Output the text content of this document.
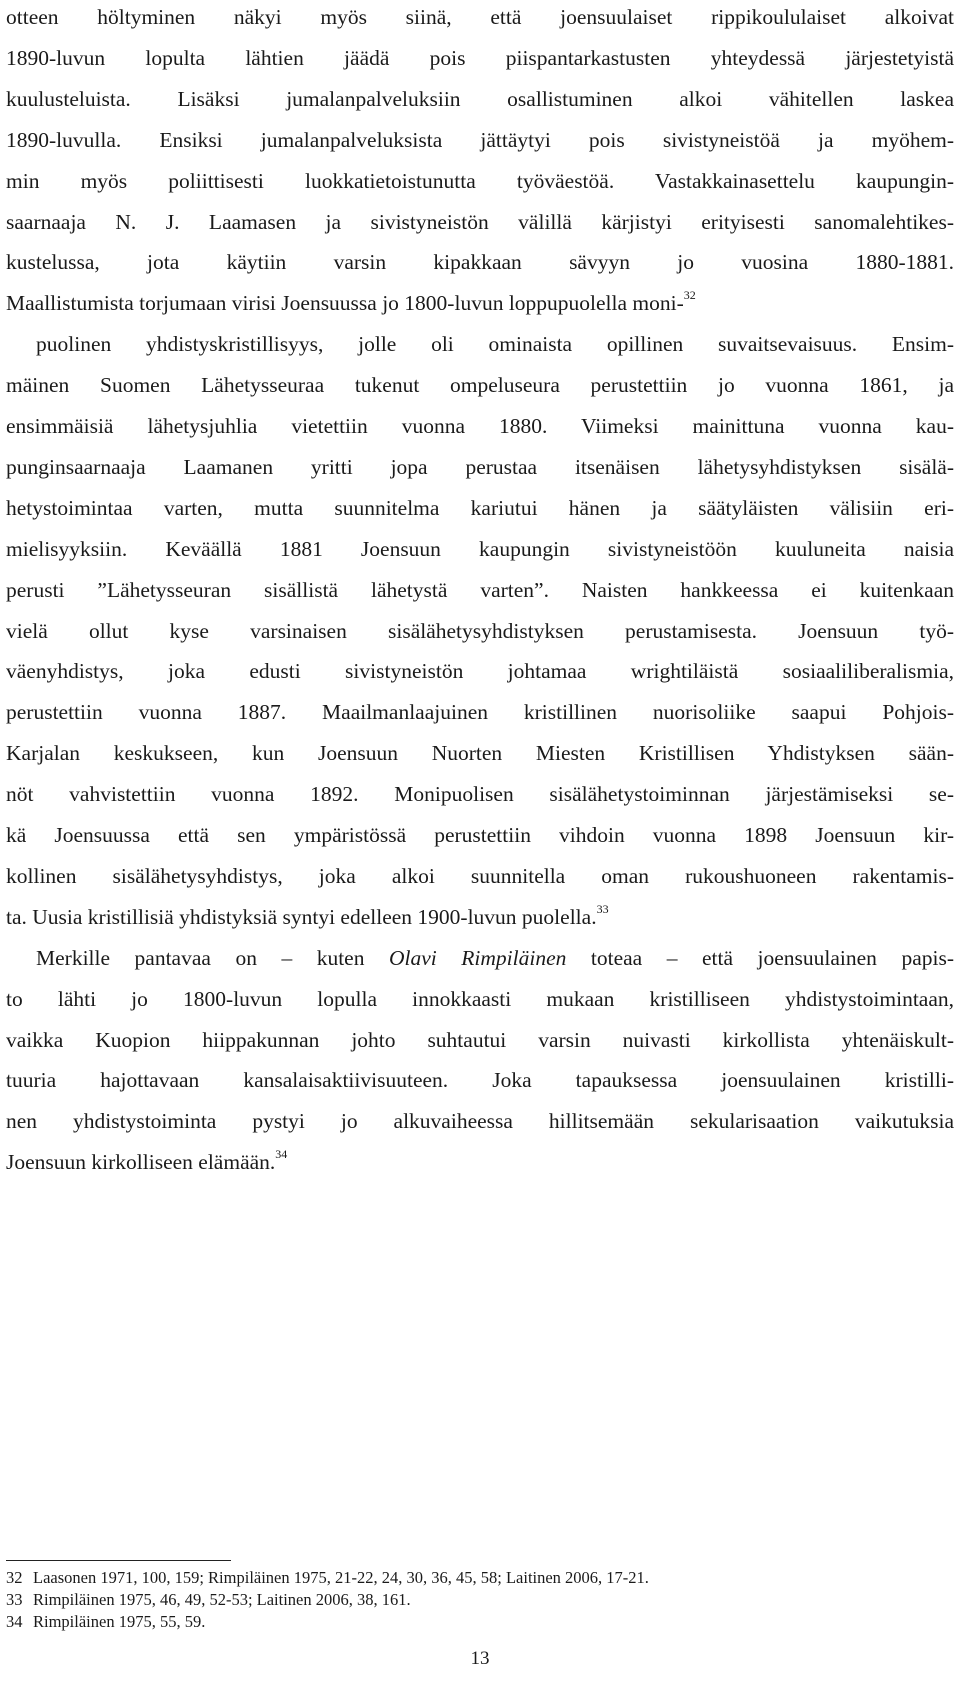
otteen höltyminen näkyi myös siinä, että joensuulaiset rippikoululaiset alkoivat
1890-luvun lopulta lähtien jäädä pois piispantarkastusten yhteydessä järjestetyistä
kuulusteluista. Lisäksi jumalanpalveluksiin osallistuminen alkoi vähitellen laskea
1890-luvulla. Ensiksi jumalanpalveluksista jättäytyi pois sivistyneistöä ja myöhem-
min myös poliittisesti luokkatietoistunutta työväestöä. Vastakkainasettelu kaupungin-
saarnaaja N. J. Laamasen ja sivistyneistön välillä kärjistyi erityisesti sanomalehtikes-
kustelussa, jota käytiin varsin kipakkaan sävyyn jo vuosina 1880-1881.
Maallistumista torjumaan virisi Joensuussa jo 1800-luvun loppupuolella moni-$^{32}$
puolinen yhdistyskristillisyys, jolle oli ominaista opillinen suvaitsevaisuus. Ensim-
mäinen Suomen Lähetysseuraa tukenut ompeluseura perustettiin jo vuonna 1861, ja
ensimmäisiä lähetysjuhlia vietettiin vuonna 1880. Viimeksi mainittuna vuonna kau-
punginsaarnaaja Laamanen yritti jopa perustaa itsenäisen lähetysyhdistyksen sisälä-
hetystoimintaa varten, mutta suunnitelma kariutui hänen ja säätyläisten välisiin eri-
mielisyyksiin. Keväällä 1881 Joensuun kaupungin sivistyneistöön kuuluneita naisia
perusti ”Lähetysseuran sisällistä lähetystä varten”. Naisten hankkeessa ei kuitenkaan
vielä ollut kyse varsinaisen sisälähetysyhdistyksen perustamisesta. Joensuun työ-
väenyhdistys, joka edusti sivistyneistön johtamaa wrightiläistä sosiaaliliberalismia,
perustettiin vuonna 1887. Maailmanlaajuinen kristillinen nuorisoliike saapui Pohjois-
Karjalan keskukseen, kun Joensuun Nuorten Miesten Kristillisen Yhdistyksen sään-
nöt vahvistettiin vuonna 1892. Monipuolisen sisälähetystoiminnan järjestämiseksi se-
kä Joensuussa että sen ympäristössä perustettiin vihdoin vuonna 1898 Joensuun kir-
kollinen sisälähetysyhdistys, joka alkoi suunnitella oman rukoushuoneen rakentamis-
ta. Uusia kristillisiä yhdistyksiä syntyi edelleen 1900-luvun puolella.$^{33}$
Merkille pantavaa on – kuten Olavi Rimpiläinen toteaa – että joensuulainen papis-
to lähti jo 1800-luvun lopulla innokkaasti mukaan kristilliseen yhdistystoimintaan,
vaikka Kuopion hiippakunnan johto suhtautui varsin nuivasti kirkollista yhtenäiskult-
tuuria hajottavaan kansalaisaktiivisuuteen. Joka tapauksessa joensuulainen kristilli-
nen yhdistystoiminta pystyi jo alkuvaiheessa hillitsemään sekularisaation vaikutuksia
Joensuun kirkolliseen elämään.$^{34}$
32 Laasonen 1971, 100, 159; Rimpiläinen 1975, 21-22, 24, 30, 36, 45, 58; Laitinen 2006, 17-21.
33 Rimpiläinen 1975, 46, 49, 52-53; Laitinen 2006, 38, 161.
34 Rimpiläinen 1975, 55, 59.
13
